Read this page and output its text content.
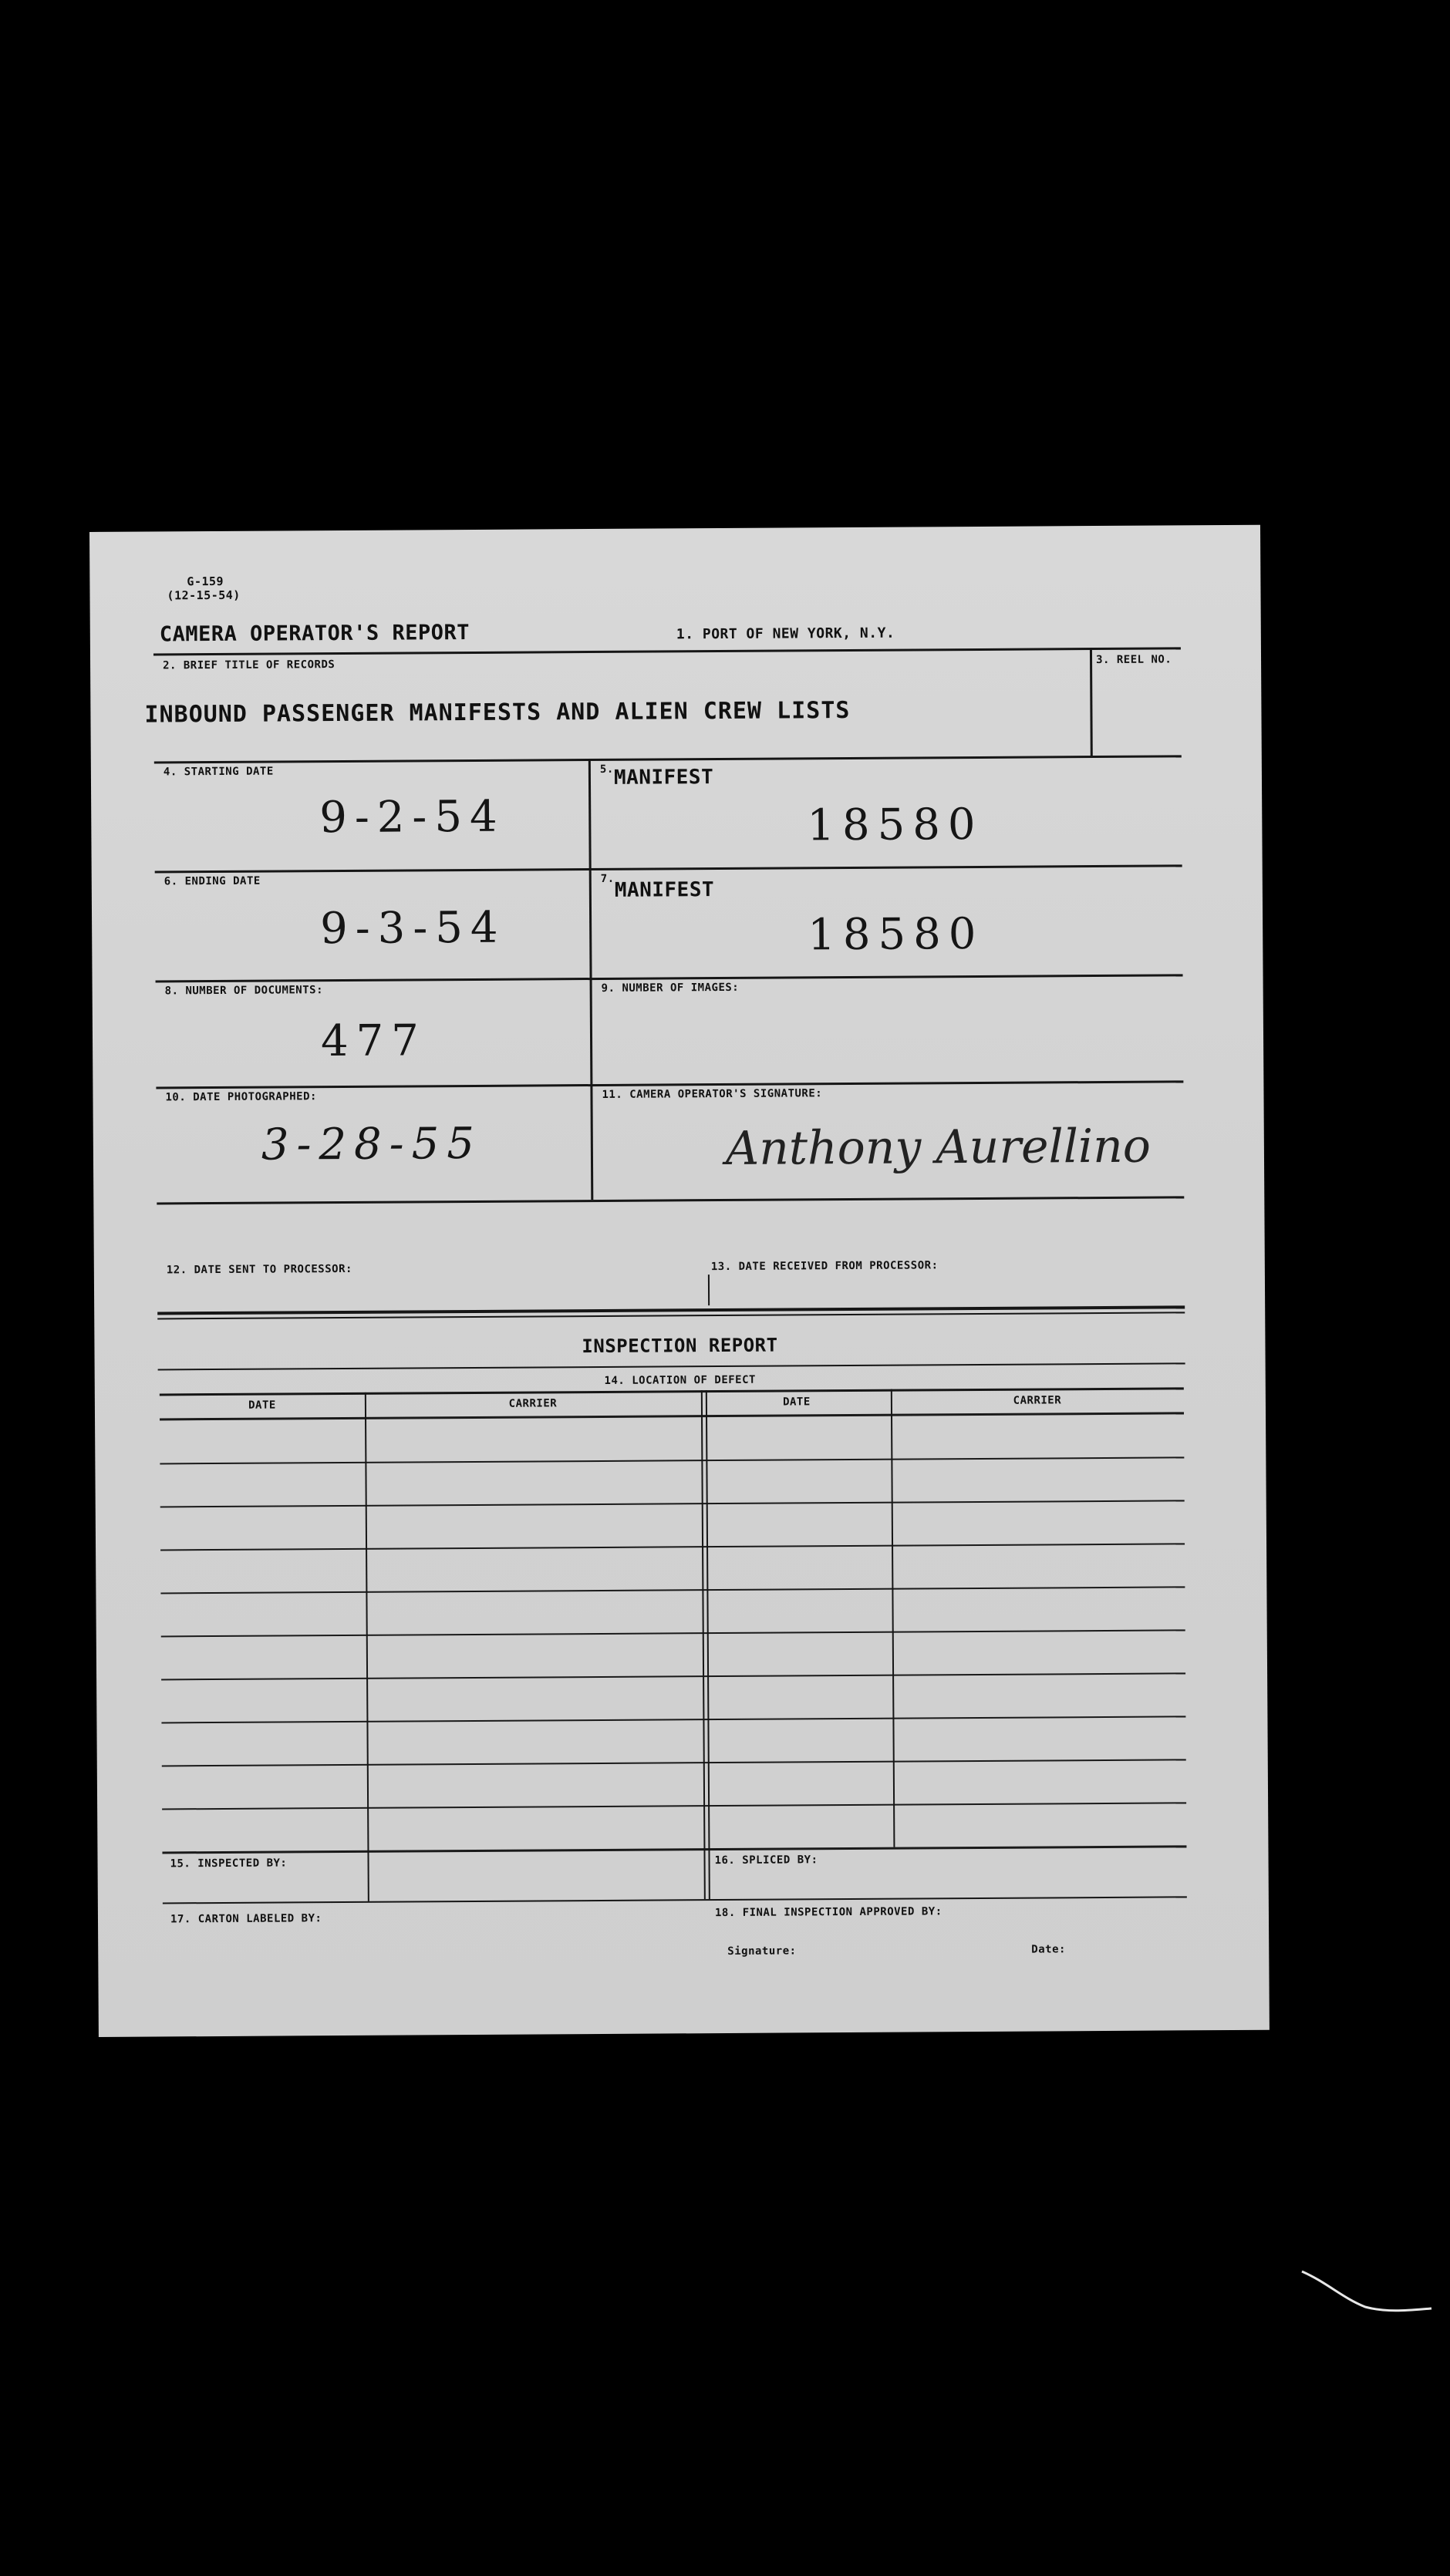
G-159
(12-15-54)
CAMERA OPERATOR'S REPORT	1. PORT OF NEW YORK, N.Y.
2. BRIEF TITLE OF RECORDS
INBOUND PASSENGER MANIFESTS AND ALIEN CREW LISTS
3. REEL NO.
4. STARTING DATE
9-2-54
5. MANIFEST
18580
6. ENDING DATE
9-3-54
7. MANIFEST
18580
8. NUMBER OF DOCUMENTS:
477
9. NUMBER OF IMAGES:
10. DATE PHOTOGRAPHED:
3-28-55
11. CAMERA OPERATOR'S SIGNATURE:
Anthony Aurellino
12. DATE SENT TO PROCESSOR:	13. DATE RECEIVED FROM PROCESSOR:
INSPECTION REPORT
14. LOCATION OF DEFECT
DATE	CARRIER	DATE	CARRIER
15. INSPECTED BY:	16. SPLICED BY:
17. CARTON LABELED BY:	18. FINAL INSPECTION APPROVED BY:
Signature:	Date:
